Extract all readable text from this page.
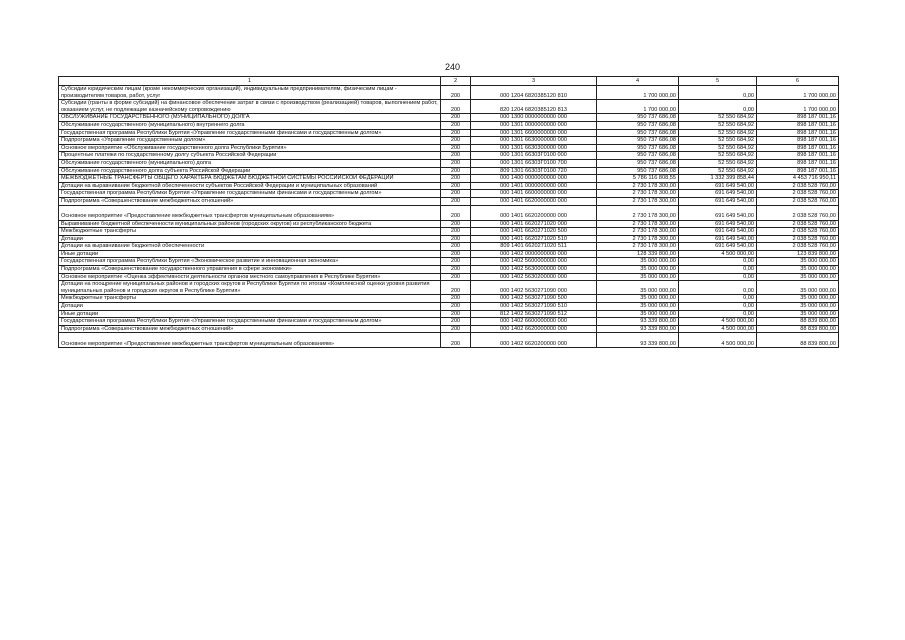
240
1	2	3	4	5	6
Субсидии юридическим лицам (кроме некоммерческих организаций), индивидуальным предпринимателям, физическим лицам - производителям товаров, работ, услуг	200	000 1204 6820385120 810	1 700 000,00	0,00	1 700 000,00
Субсидии (гранты в форме субсидий) на финансовое обеспечение затрат в связи с производством (реализацией) товаров, выполнением работ, оказанием услуг, не подлежащие казначейскому сопровождению	200	820 1204 6820385120 813	1 700 000,00	0,00	1 700 000,00
ОБСЛУЖИВАНИЕ ГОСУДАРСТВЕННОГО (МУНИЦИПАЛЬНОГО) ДОЛГА	200	000 1300 0000000000 000	950 737 686,08	52 550 684,92	898 187 001,16
Обслуживание государственного (муниципального) внутреннего долга	200	000 1301 0000000000 000	950 737 686,08	52 550 684,92	898 187 001,16
Государственная программа Республики Бурятия «Управление государственными финансами и государственным долгом»	200	000 1301 6600000000 000	950 737 686,08	52 550 684,92	898 187 001,16
Подпрограмма «Управление государственным долгом»	200	000 1301 6630000000 000	950 737 686,08	52 550 684,92	898 187 001,16
Основное мероприятие «Обслуживание государственного долга Республики Бурятия»	200	000 1301 6630300000 000	950 737 686,08	52 550 684,92	898 187 001,16
Процентные платежи по государственному долгу субъекта Российской Федерации	200	000 1301 66303Г0100 000	950 737 686,08	52 550 684,92	898 187 001,16
Обслуживание государственного (муниципального) долга	200	000 1301 66303Г0100 700	950 737 686,08	52 550 684,92	898 187 001,16
Обслуживание государственного долга субъекта Российской Федерации	200	809 1301 66303Г0100 720	950 737 686,08	52 550 684,92	898 187 001,16
МЕЖБЮДЖЕТНЫЕ ТРАНСФЕРТЫ ОБЩЕГО ХАРАКТЕРА БЮДЖЕТАМ БЮДЖЕТНОЙ СИСТЕМЫ РОССИЙСКОЙ ФЕДЕРАЦИИ	200	000 1400 0000000000 000	5 786 116 808,55	1 332 399 858,44	4 453 716 950,11
Дотации на выравнивание бюджетной обеспеченности субъектов Российской Федерации и муниципальных образований	200	000 1401 0000000000 000	2 730 178 300,00	691 649 540,00	2 038 528 760,00
Государственная программа Республики Бурятия «Управление государственными финансами и государственным долгом»	200	000 1401 6600000000 000	2 730 178 300,00	691 649 540,00	2 038 528 760,00
Подпрограмма «Совершенствование межбюджетных отношений»	200	000 1401 6620000000 000	2 730 178 300,00	691 649 540,00	2 038 528 760,00
Основное мероприятие «Предоставление межбюджетных трансфертов муниципальным образованиям»	200	000 1401 6620200000 000	2 730 178 300,00	691 649 540,00	2 038 528 760,00
Выравнивание бюджетной обеспеченности муниципальных районов (городских округов) из республиканского бюджета	200	000 1401 6620271020 000	2 730 178 300,00	691 649 540,00	2 038 528 760,00
Межбюджетные трансферты	200	000 1401 6620271020 500	2 730 178 300,00	691 649 540,00	2 038 528 760,00
Дотации	200	000 1401 6620271020 510	2 730 178 300,00	691 649 540,00	2 038 528 760,00
Дотации на выравнивание бюджетной обеспеченности	200	809 1401 6620271020 511	2 730 178 300,00	691 649 540,00	2 038 528 760,00
Иные дотации	200	000 1402 0000000000 000	128 339 800,00	4 500 000,00	123 839 800,00
Государственная программа Республики Бурятия «Экономическое развитие и инновационная экономика»	200	000 1402 5600000000 000	35 000 000,00	0,00	35 000 000,00
Подпрограмма «Совершенствование государственного управления в сфере экономики»	200	000 1402 5630000000 000	35 000 000,00	0,00	35 000 000,00
Основное мероприятие «Оценка эффективности деятельности органов местного самоуправления в Республике Бурятия»	200	000 1402 5630200000 000	35 000 000,00	0,00	35 000 000,00
Дотации на поощрение муниципальных районов и городских округов в Республике Бурятия по итогам «Комплексной оценки уровня развития муниципальных районов и городских округов в Республике Бурятия»	200	000 1402 5630271090 000	35 000 000,00	0,00	35 000 000,00
Межбюджетные трансферты	200	000 1402 5630271090 500	35 000 000,00	0,00	35 000 000,00
Дотации	200	000 1402 5630271090 510	35 000 000,00	0,00	35 000 000,00
Иные дотации	200	812 1402 5630271090 512	35 000 000,00	0,00	35 000 000,00
Государственная программа Республики Бурятия «Управление государственными финансами и государственным долгом»	200	000 1402 6600000000 000	93 339 800,00	4 500 000,00	88 839 800,00
Подпрограмма «Совершенствование межбюджетных отношений»	200	000 1402 6620000000 000	93 339 800,00	4 500 000,00	88 839 800,00
Основное мероприятие «Предоставление межбюджетных трансфертов муниципальным образованиям»	200	000 1402 6620200000 000	93 339 800,00	4 500 000,00	88 839 800,00
